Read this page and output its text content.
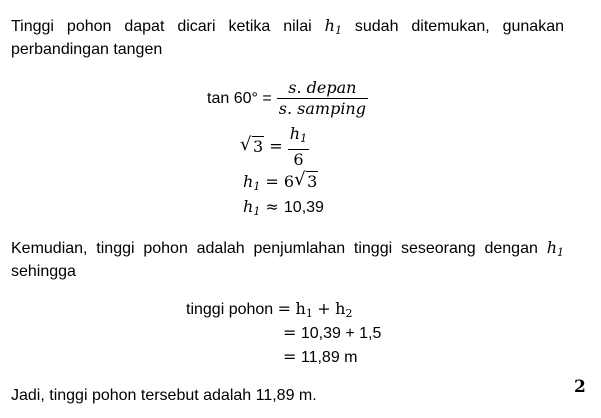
Tinggi pohon dapat dicari ketika nilai $h_1$ sudah ditemukan, gunakan
perbandingan tangen
$\tan 60^\circ = \frac{\text{s. depan}}{\text{s. samping}}$
√ $3 = \frac{h_1}{6}$
$h_1 = 6$ √ 3
$h_1 \approx 10,39$
Kemudian, tinggi pohon adalah penjumlahan tinggi seseorang dengan $h_1$
sehingga
tinggi pohon = $h_1 + h_2$
= 10,39 + 1,5
= 11,89 m
Jadi, tinggi pohon tersebut adalah 11,89 m.	2
